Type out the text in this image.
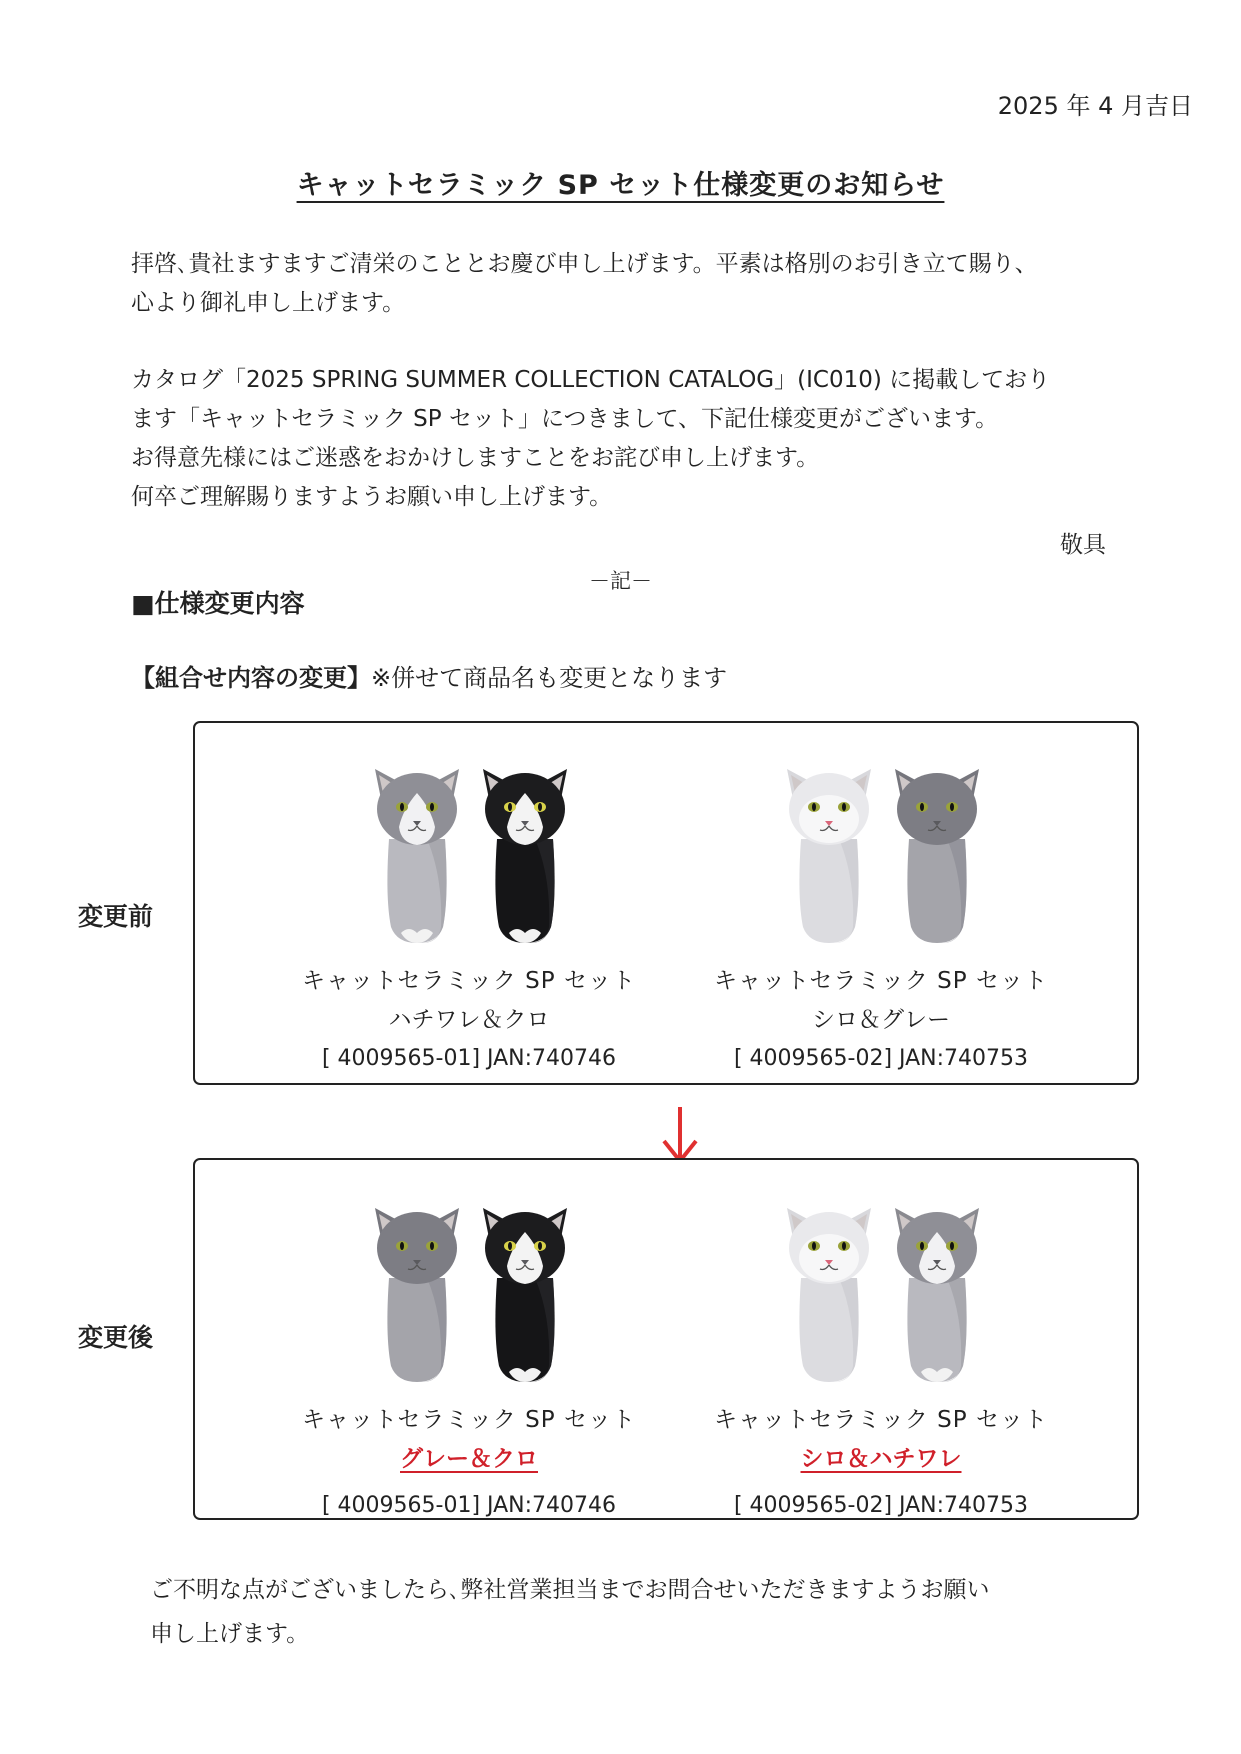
2025 年 4 月吉日
キャットセラミック SP セット仕様変更のお知らせ
拝啓､貴社ますますご清栄のこととお慶び申し上げます。平素は格別のお引き立て賜り、
心より御礼申し上げます。
カタログ「2025 SPRING SUMMER COLLECTION CATALOG」(IC010) に掲載しており
ます「キャットセラミック SP セット」につきまして、下記仕様変更がございます。
お得意先様にはご迷惑をおかけしますことをお詫び申し上げます。
何卒ご理解賜りますようお願い申し上げます。
敬具
－記－
■仕様変更内容
【組合せ内容の変更】※併せて商品名も変更となります
変更前
キャットセラミック SP セット
ハチワレ＆クロ
[ 4009565-01] JAN:740746
キャットセラミック SP セット
シロ＆グレー
[ 4009565-02] JAN:740753
変更後
キャットセラミック SP セット
グレー＆クロ
[ 4009565-01] JAN:740746
キャットセラミック SP セット
シロ＆ハチワレ
[ 4009565-02] JAN:740753
ご不明な点がございましたら､弊社営業担当までお問合せいただきますようお願い
申し上げます。
